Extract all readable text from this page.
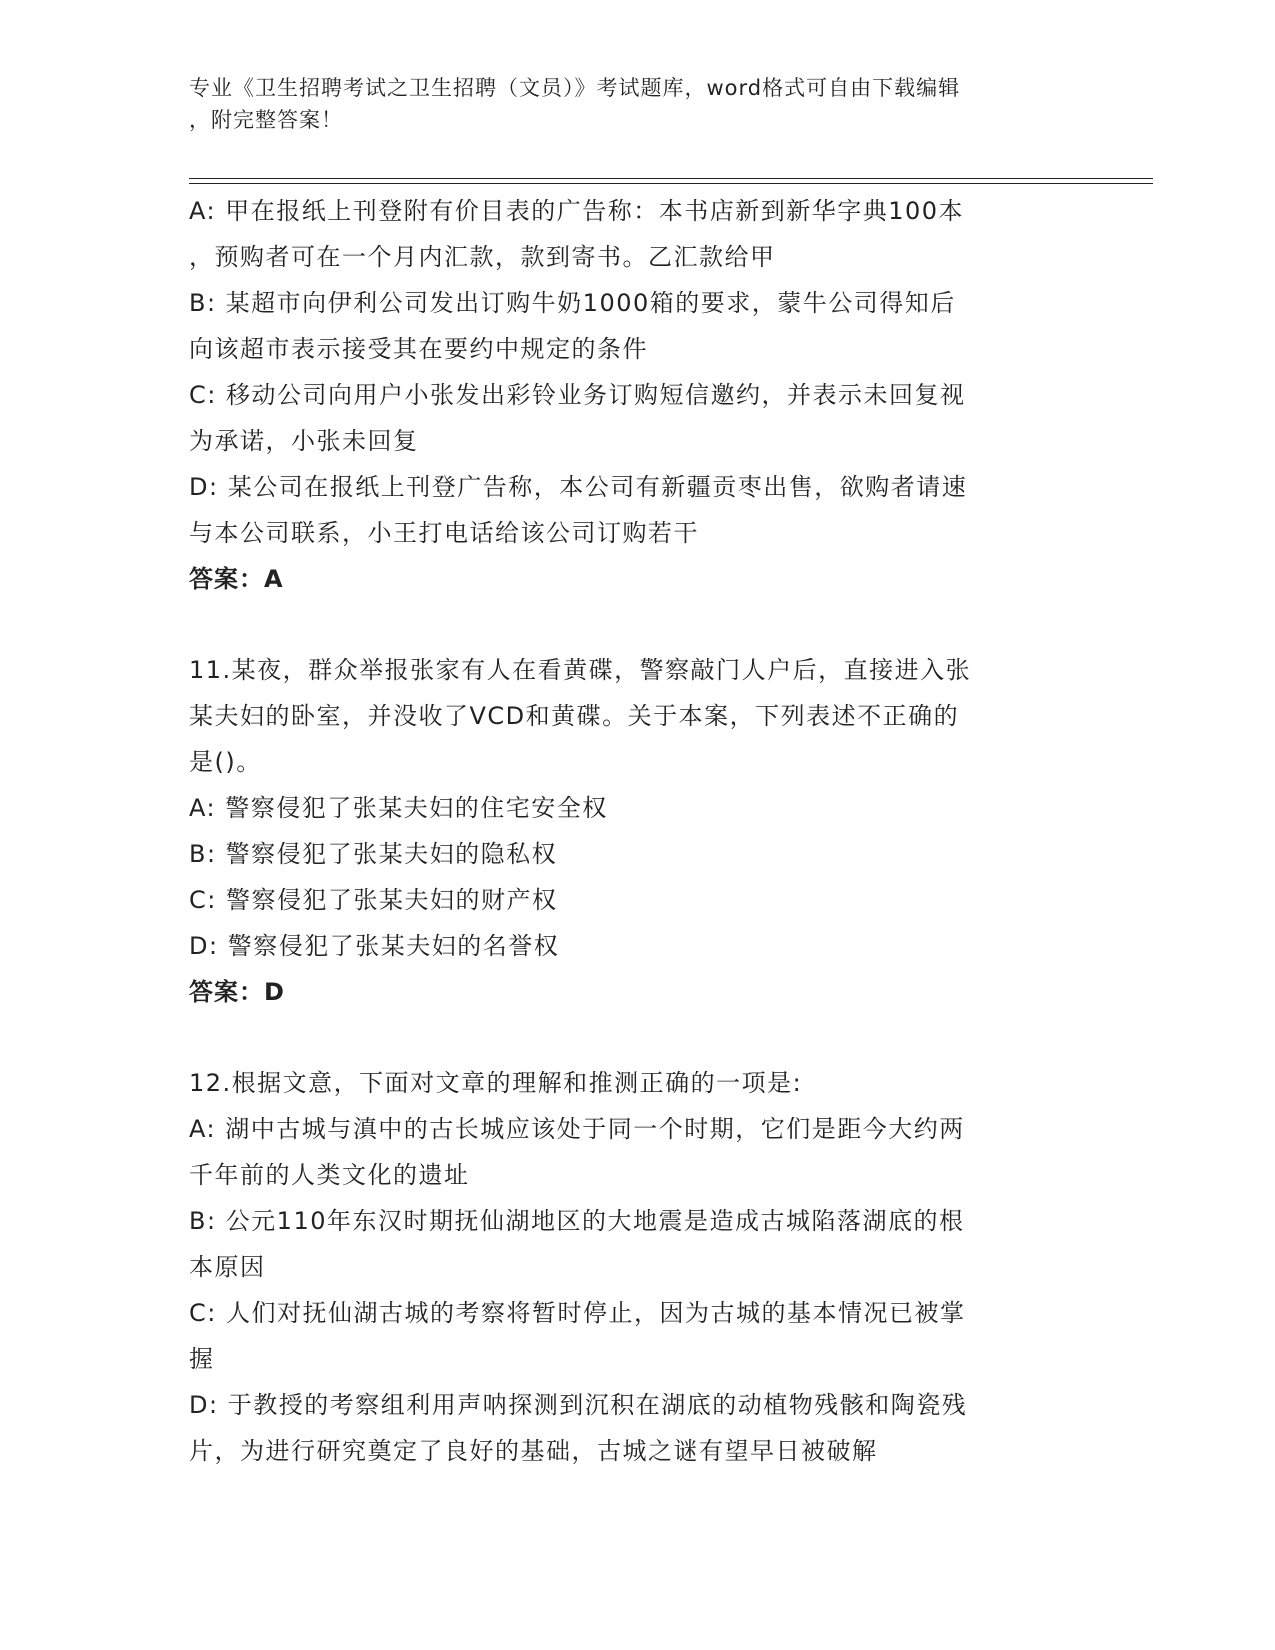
专业《卫生招聘考试之卫生招聘（文员）》考试题库，word格式可自由下载编辑
，附完整答案！
A: 甲在报纸上刊登附有价目表的广告称：本书店新到新华字典100本
，预购者可在一个月内汇款，款到寄书。乙汇款给甲
B: 某超市向伊利公司发出订购牛奶1000箱的要求，蒙牛公司得知后
向该超市表示接受其在要约中规定的条件
C: 移动公司向用户小张发出彩铃业务订购短信邀约，并表示未回复视
为承诺，小张未回复
D: 某公司在报纸上刊登广告称，本公司有新疆贡枣出售，欲购者请速
与本公司联系，小王打电话给该公司订购若干
答案：A
11.某夜，群众举报张家有人在看黄碟，警察敲门人户后，直接进入张
某夫妇的卧室，并没收了VCD和黄碟。关于本案，下列表述不正确的
是()。
A: 警察侵犯了张某夫妇的住宅安全权
B: 警察侵犯了张某夫妇的隐私权
C: 警察侵犯了张某夫妇的财产权
D: 警察侵犯了张某夫妇的名誉权
答案：D
12.根据文意，下面对文章的理解和推测正确的一项是:
A: 湖中古城与滇中的古长城应该处于同一个时期，它们是距今大约两
千年前的人类文化的遗址
B: 公元110年东汉时期抚仙湖地区的大地震是造成古城陷落湖底的根
本原因
C: 人们对抚仙湖古城的考察将暂时停止，因为古城的基本情况已被掌
握
D: 于教授的考察组利用声呐探测到沉积在湖底的动植物残骸和陶瓷残
片，为进行研究奠定了良好的基础，古城之谜有望早日被破解
